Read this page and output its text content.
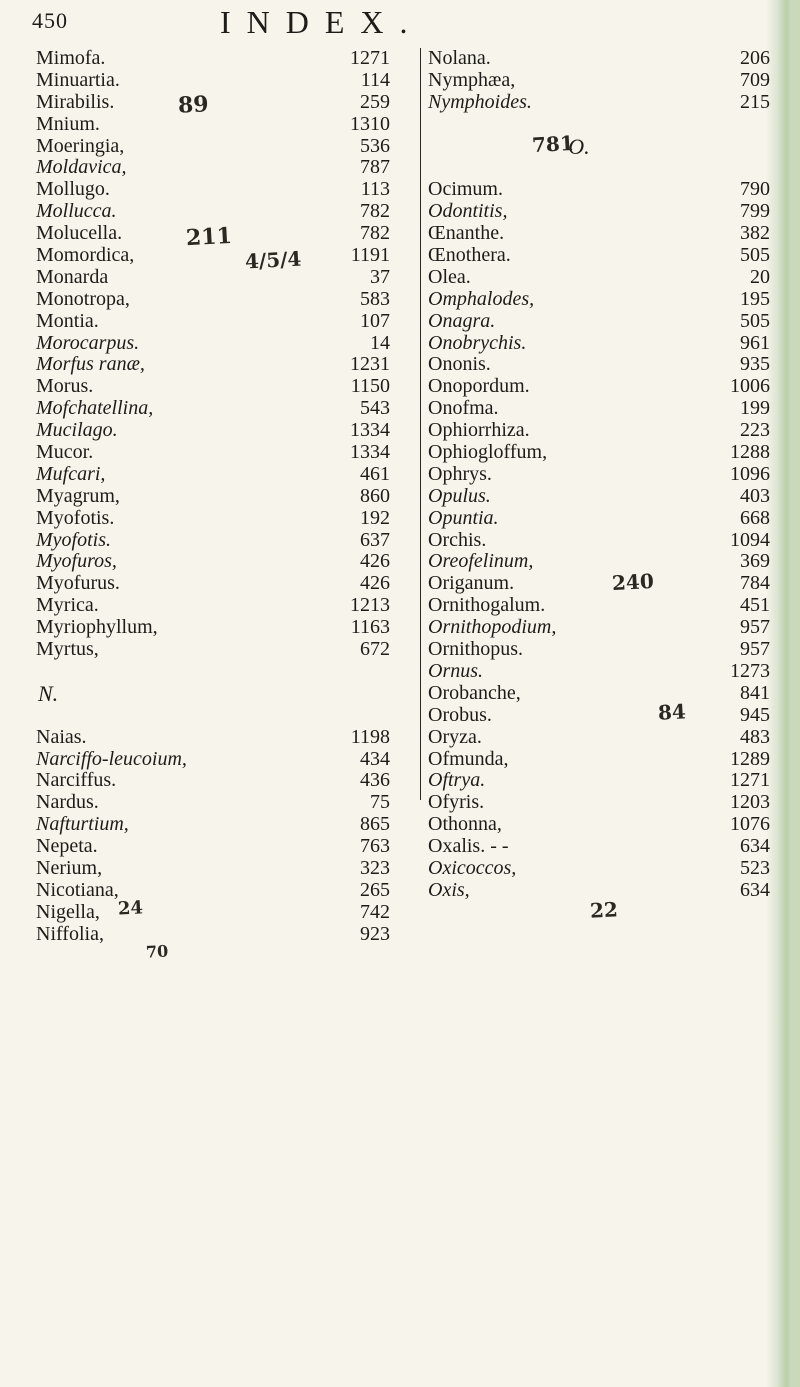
450	INDEX.
Mimofa.	1271
Minuartia.	114
Mirabilis.	259
Mnium.	1310
Moeringia,	536
Moldavica,	787
Mollugo.	113
Mollucca.	782
Molucella.	782
Momordica,	1191
Monarda	37
Monotropa,	583
Montia.	107
Morocarpus.	14
Morfus ranæ,	1231
Morus.	1150
Mofchatellina,	543
Mucilago.	1334
Mucor.	1334
Mufcari,	461
Myagrum,	860
Myofotis.	192
Myofotis.	637
Myofuros,	426
Myofurus.	426
Myrica.	1213
Myriophyllum,	1163
Myrtus,	672
N.
Naias.	1198
Narciffo-leucoium,	434
Narciffus.	436
Nardus.	75
Nafturtium,	865
Nepeta.	763
Nerium,	323
Nicotiana,	265
Nigella,	742
Niffolia,	923
Nolana.	206
Nymphæa,	709
Nymphoides.	215
O.
Ocimum.	790
Odontitis,	799
Œnanthe.	382
Œnothera.	505
Olea.	20
Omphalodes,	195
Onagra.	505
Onobrychis.	961
Ononis.	935
Onopordum.	1006
Onofma.	199
Ophiorrhiza.	223
Ophiogloffum,	1288
Ophrys.	1096
Opulus.	403
Opuntia.	668
Orchis.	1094
Oreofelinum,	369
Origanum.	784
Ornithogalum.	451
Ornithopodium,	957
Ornithopus.	957
Ornus.	1273
Orobanche,	841
Orobus.	945
Oryza.	483
Ofmunda,	1289
Oftrya.	1271
Ofyris.	1203
Othonna,	1076
Oxalis. - -	634
Oxicoccos,	523
Oxis,	634
89
211
4/5/4
70
24
781
240
84
22
